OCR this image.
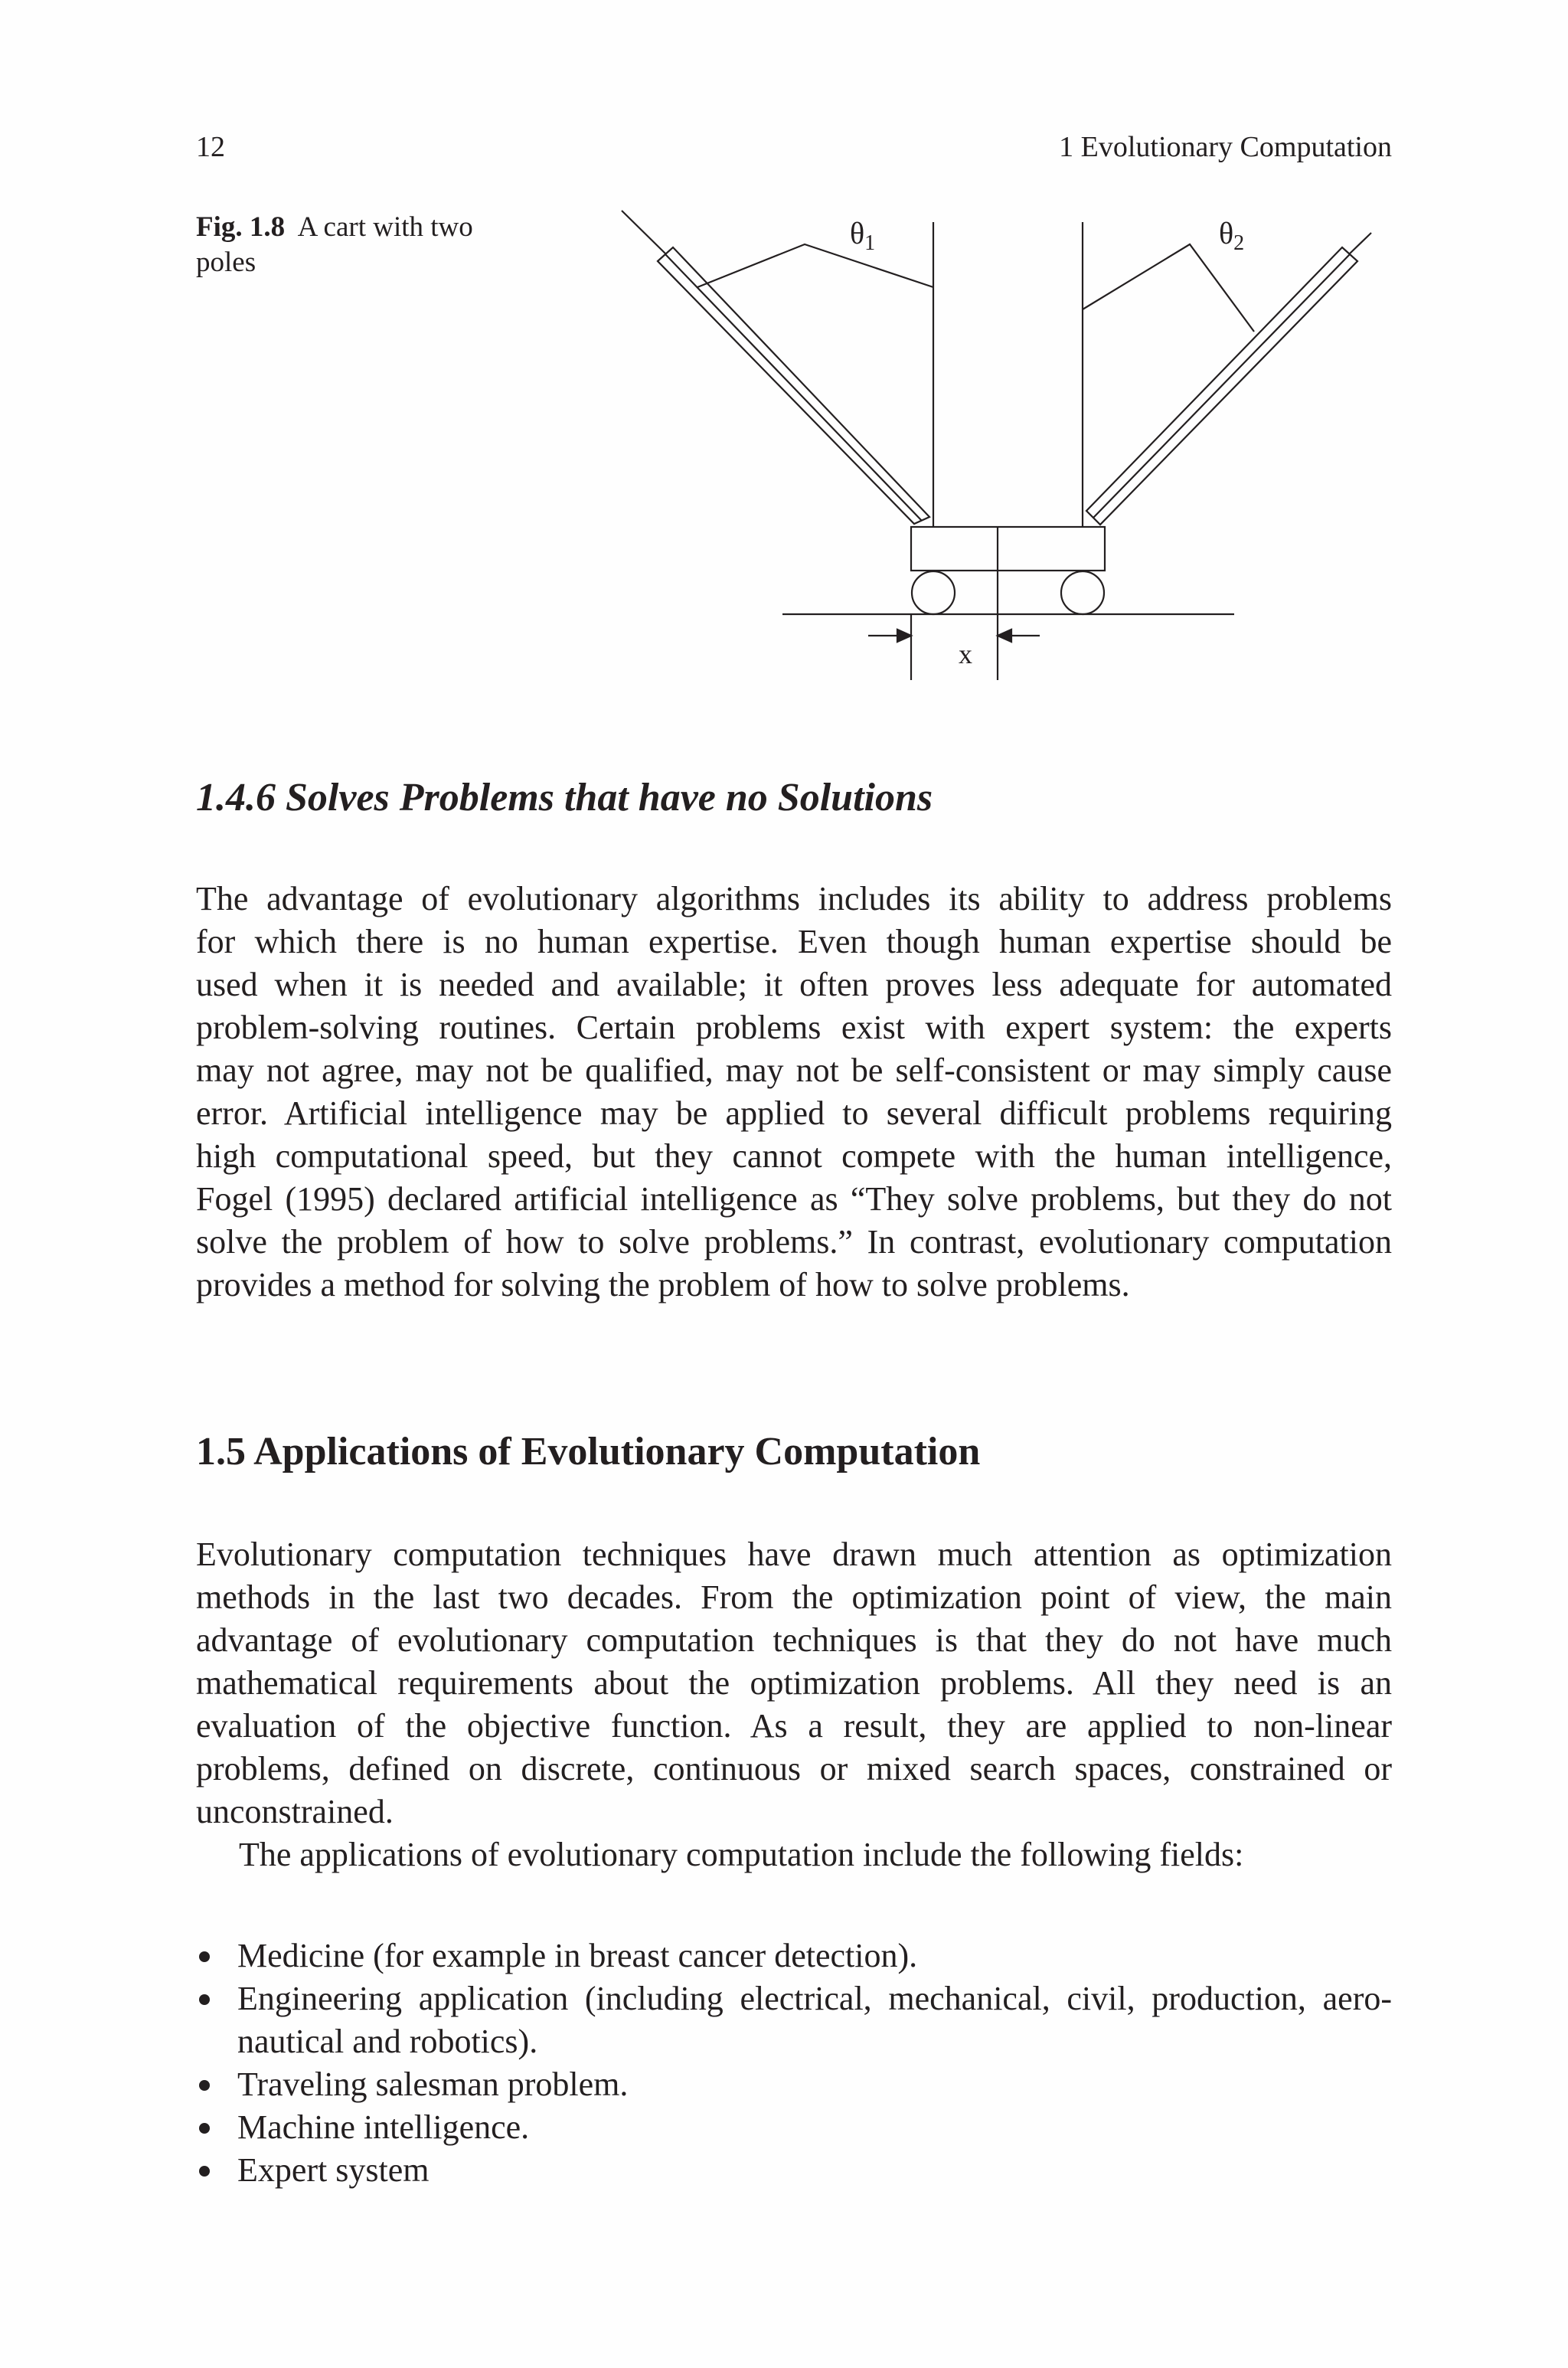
12	1 Evolutionary Computation
Fig. 1.8 A cart with two
poles
$\theta_1$	$\theta_2$
x
1.4.6 Solves Problems that have no Solutions
The advantage of evolutionary algorithms includes its ability to address problems
for which there is no human expertise. Even though human expertise should be
used when it is needed and available; it often proves less adequate for automated
problem-solving routines. Certain problems exist with expert system: the experts
may not agree, may not be qualified, may not be self-consistent or may simply cause
error. Artificial intelligence may be applied to several difficult problems requiring
high computational speed, but they cannot compete with the human intelligence,
Fogel (1995) declared artificial intelligence as “They solve problems, but they do not
solve the problem of how to solve problems.” In contrast, evolutionary computation
provides a method for solving the problem of how to solve problems.
1.5 Applications of Evolutionary Computation
Evolutionary computation techniques have drawn much attention as optimization
methods in the last two decades. From the optimization point of view, the main
advantage of evolutionary computation techniques is that they do not have much
mathematical requirements about the optimization problems. All they need is an
evaluation of the objective function. As a result, they are applied to non-linear
problems, defined on discrete, continuous or mixed search spaces, constrained or
unconstrained.
The applications of evolutionary computation include the following fields:
Medicine (for example in breast cancer detection).
Engineering application (including electrical, mechanical, civil, production, aero-
nautical and robotics).
Traveling salesman problem.
Machine intelligence.
Expert system
